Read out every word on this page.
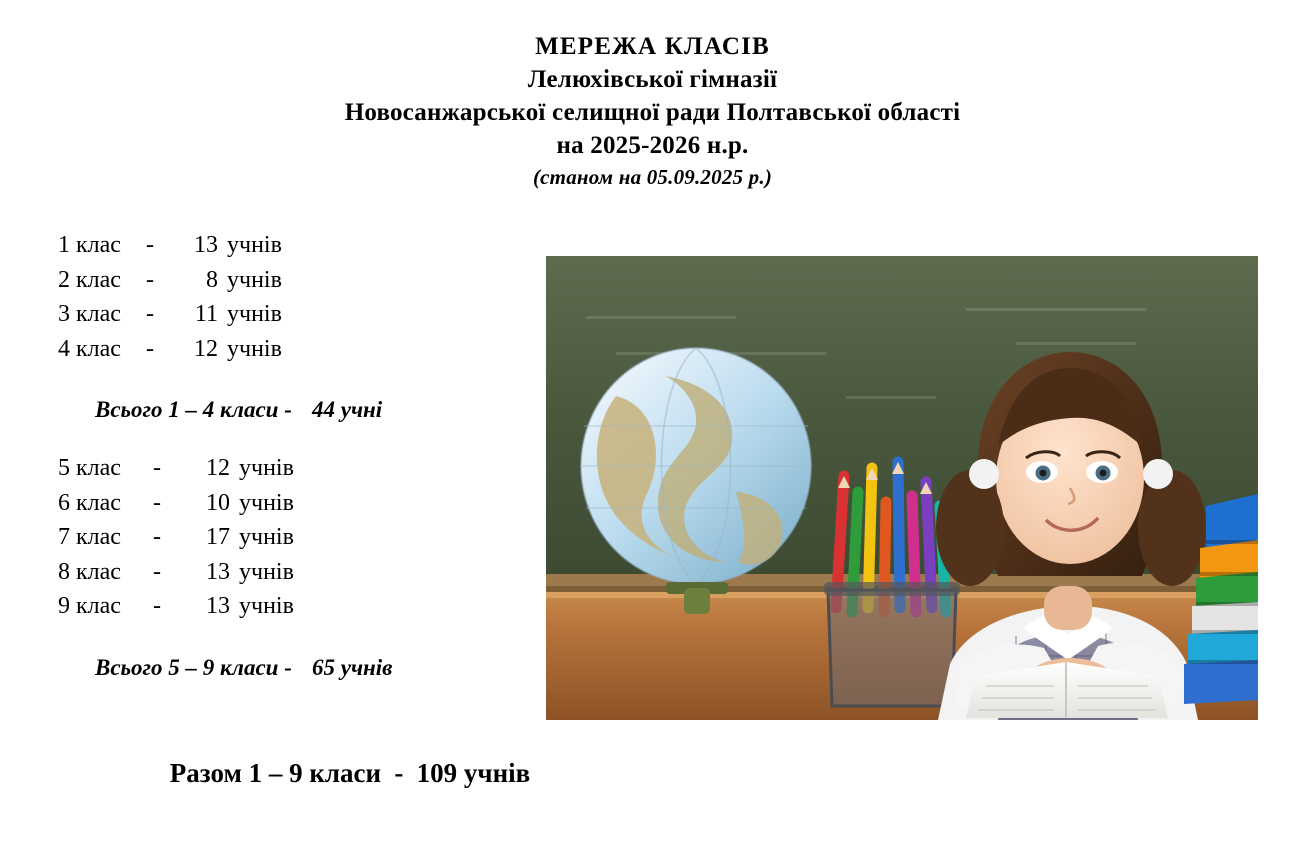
МЕРЕЖА КЛАСІВ
Лелюхівської гімназії
Новосанжарської селищної ради Полтавської області
на 2025-2026 н.р.
(станом на 05.09.2025 р.)
1 клас	-	13 учнів
2 клас	-	8 учнів
3 клас	-	11 учнів
4 клас	-	12 учнів
Всього 1 – 4 класи - 44 учні
5 клас	-	12 учнів
6 клас	-	10 учнів
7 клас	-	17 учнів
8 клас	-	13 учнів
9 клас	-	13 учнів
Всього 5 – 9 класи - 65 учнів
Разом 1 – 9 класи - 109 учнів
